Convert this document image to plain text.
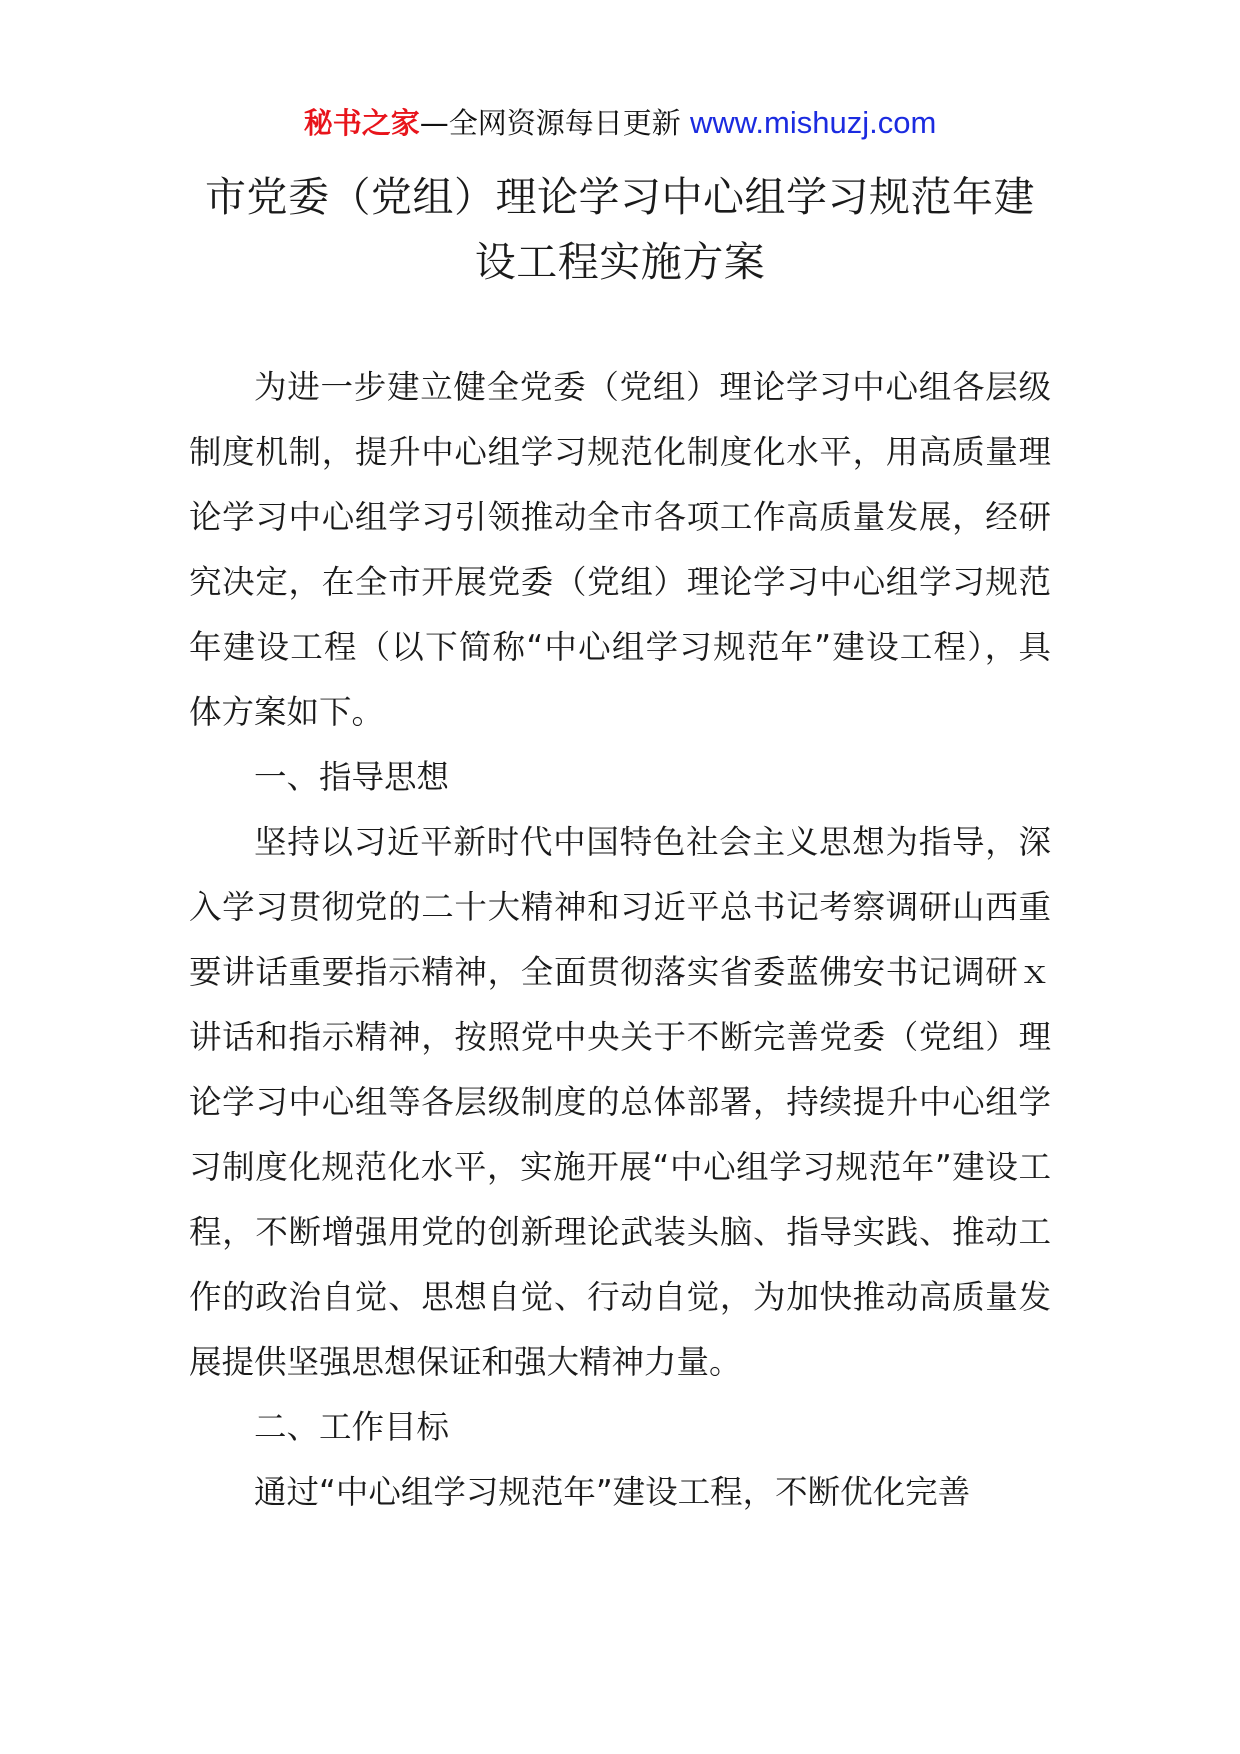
秘书之家—全网资源每日更新 www.mishuzj.com
市党委（党组）理论学习中心组学习规范年建设工程实施方案

为进一步建立健全党委（党组）理论学习中心组各层级制度机制，提升中心组学习规范化制度化水平，用高质量理论学习中心组学习引领推动全市各项工作高质量发展，经研究决定，在全市开展党委（党组）理论学习中心组学习规范年建设工程（以下简称“中心组学习规范年”建设工程），具体方案如下。

一、指导思想

坚持以习近平新时代中国特色社会主义思想为指导，深入学习贯彻党的二十大精神和习近平总书记考察调研山西重要讲话重要指示精神，全面贯彻落实省委蓝佛安书记调研ｘ讲话和指示精神，按照党中央关于不断完善党委（党组）理论学习中心组等各层级制度的总体部署，持续提升中心组学习制度化规范化水平，实施开展“中心组学习规范年”建设工程，不断增强用党的创新理论武装头脑、指导实践、推动工作的政治自觉、思想自觉、行动自觉，为加快推动高质量发展提供坚强思想保证和强大精神力量。

二、工作目标

通过“中心组学习规范年”建设工程，不断优化完善
